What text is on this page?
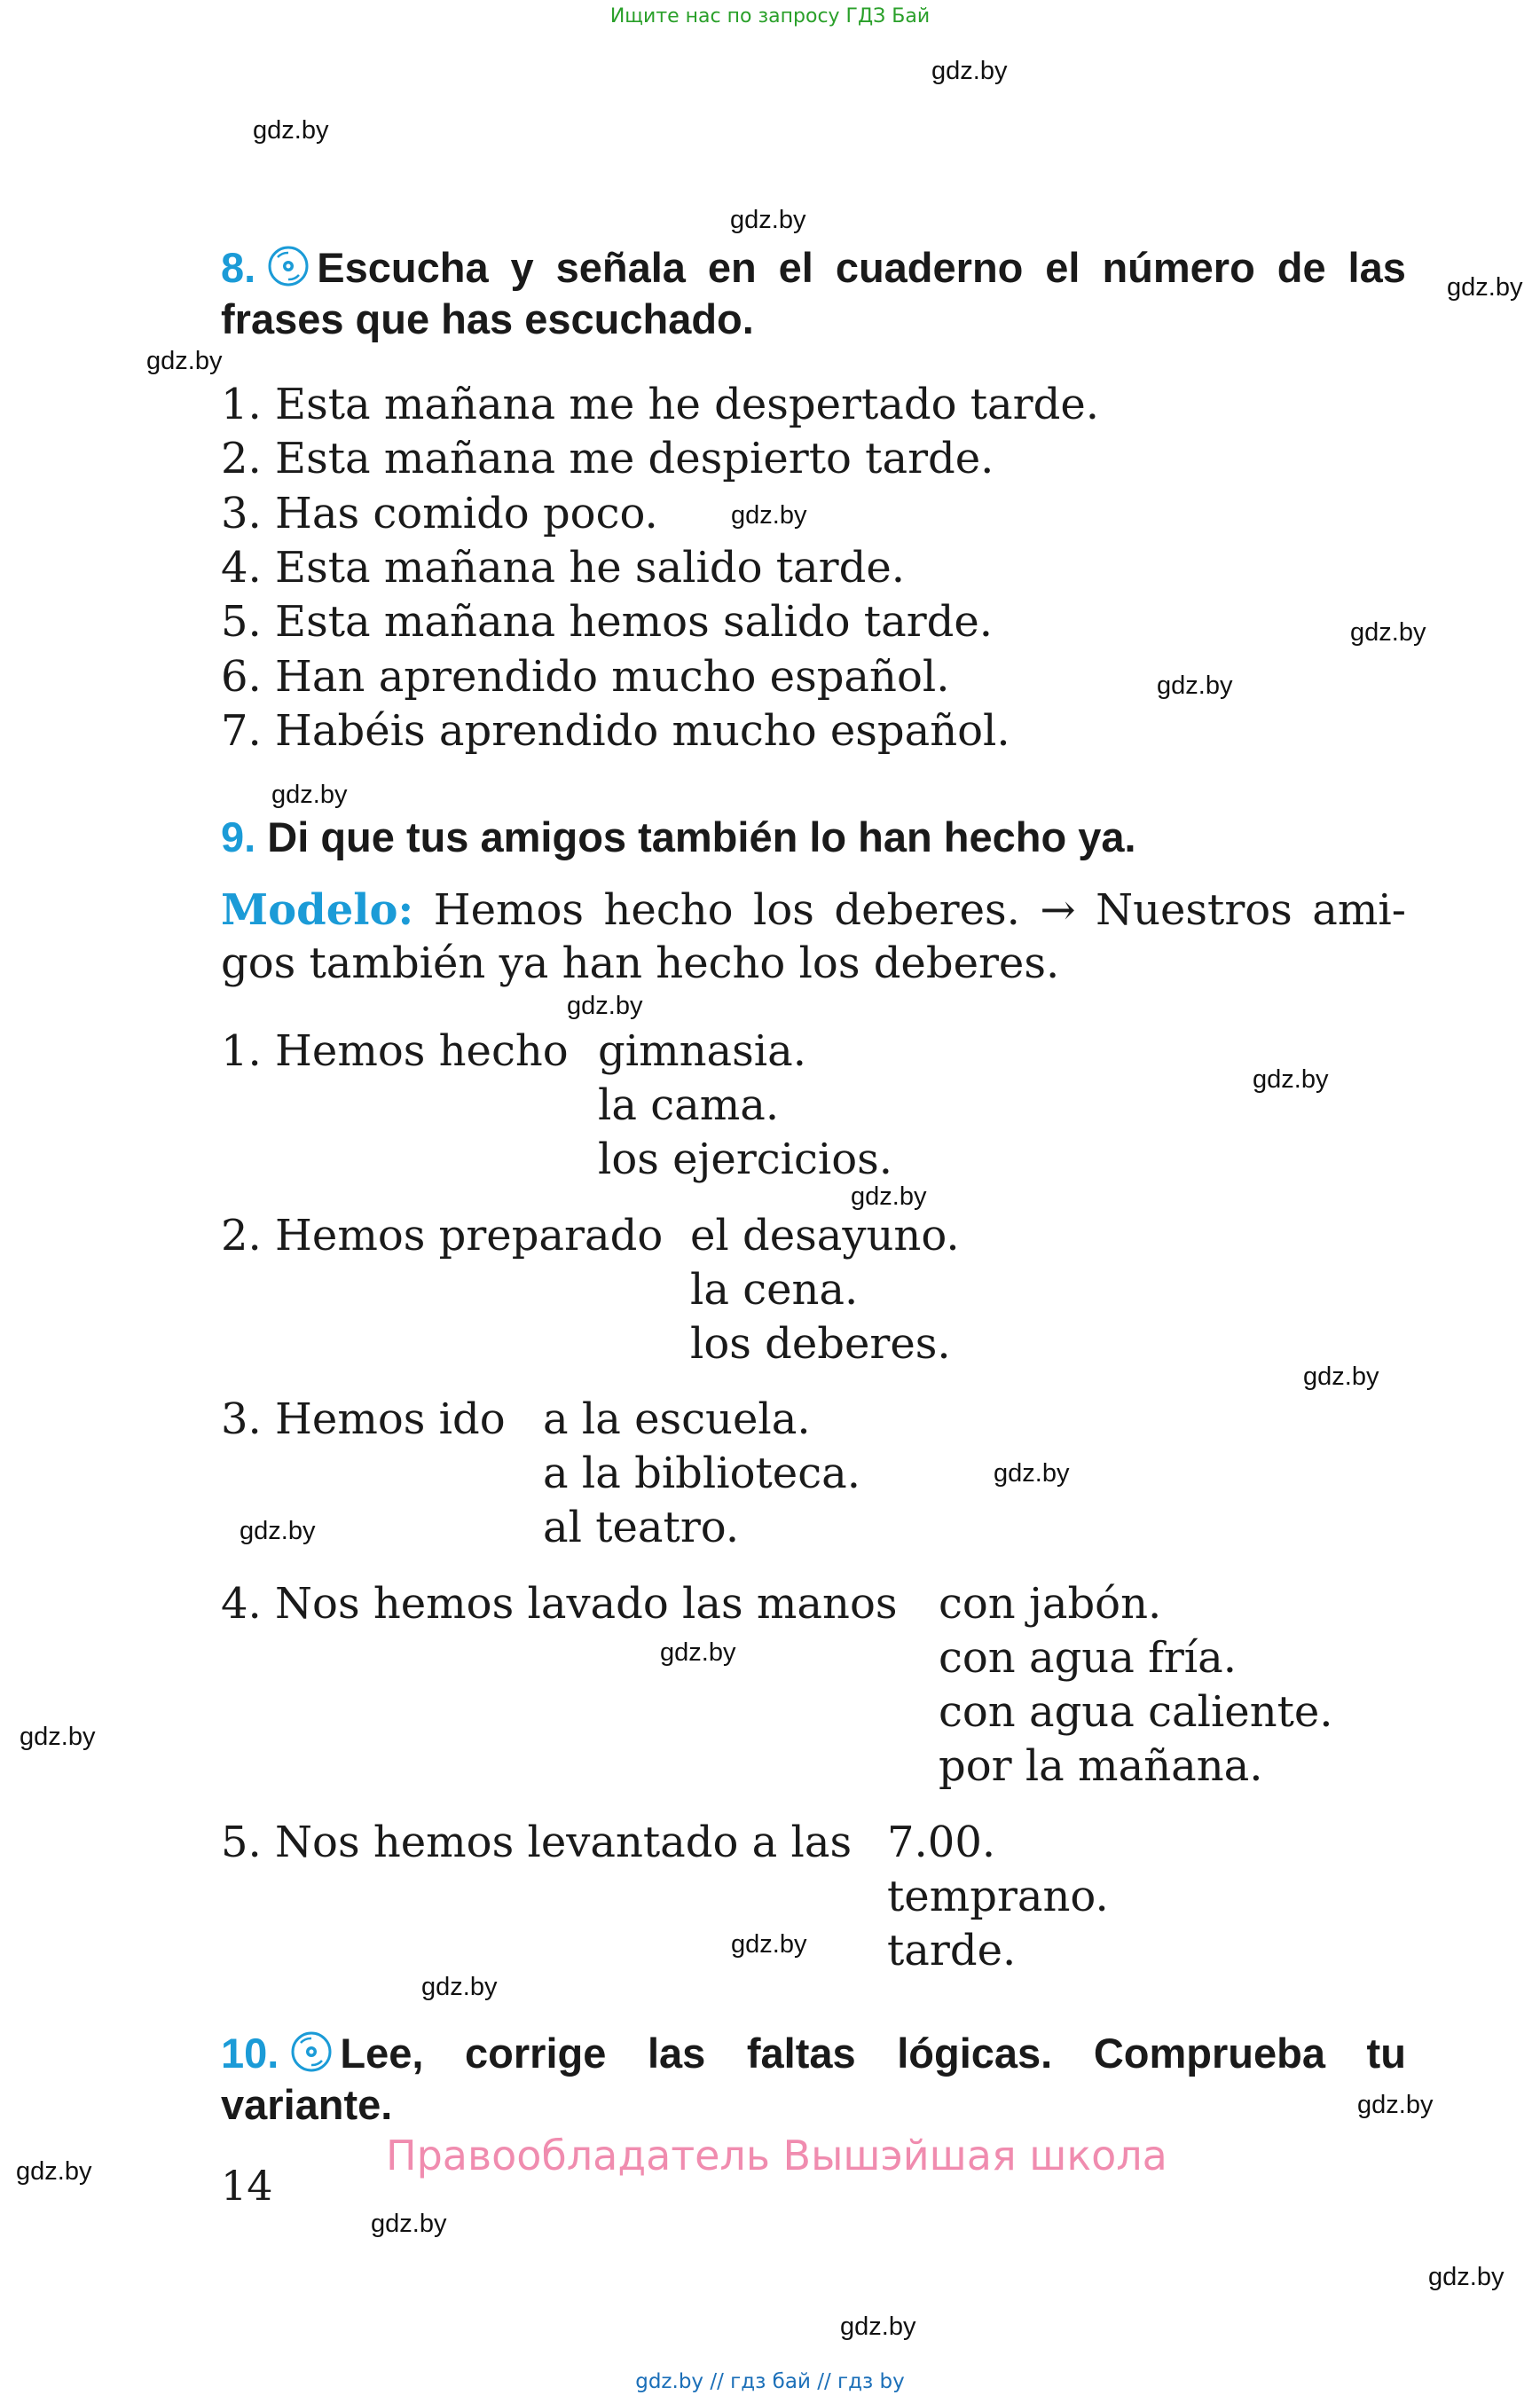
Ищите нас по запросу ГДЗ Бай
gdz.by
gdz.by
gdz.by
gdz.by
gdz.by
gdz.by
gdz.by
gdz.by
gdz.by
gdz.by
gdz.by
gdz.by
gdz.by
gdz.by
gdz.by
gdz.by
gdz.by
gdz.by
gdz.by
gdz.by
gdz.by
gdz.by
gdz.by
gdz.by
8. Escucha y señala en el cuaderno el número de las
frases que has escuchado.
1. Esta mañana me he despertado tarde.
2. Esta mañana me despierto tarde.
3. Has comido poco.
4. Esta mañana he salido tarde.
5. Esta mañana hemos salido tarde.
6. Han aprendido mucho español.
7. Habéis aprendido mucho español.
9. Di que tus amigos también lo han hecho ya.
Modelo: Hemos hecho los deberes. → Nuestros ami-
gos también ya han hecho los deberes.
1. Hemos hecho gimnasia.
la cama.
los ejercicios.
2. Hemos preparado el desayuno.
la cena.
los deberes.
3. Hemos ido a la escuela.
a la biblioteca.
al teatro.
4. Nos hemos lavado las manos con jabón.
con agua fría.
con agua caliente.
por la mañana.
5. Nos hemos levantado a las 7.00.
temprano.
tarde.
10. Lee, corrige las faltas lógicas. Comprueba tu
variante.
Правообладатель Вышэйшая школа
14
gdz.by // гдз бай // гдз by
